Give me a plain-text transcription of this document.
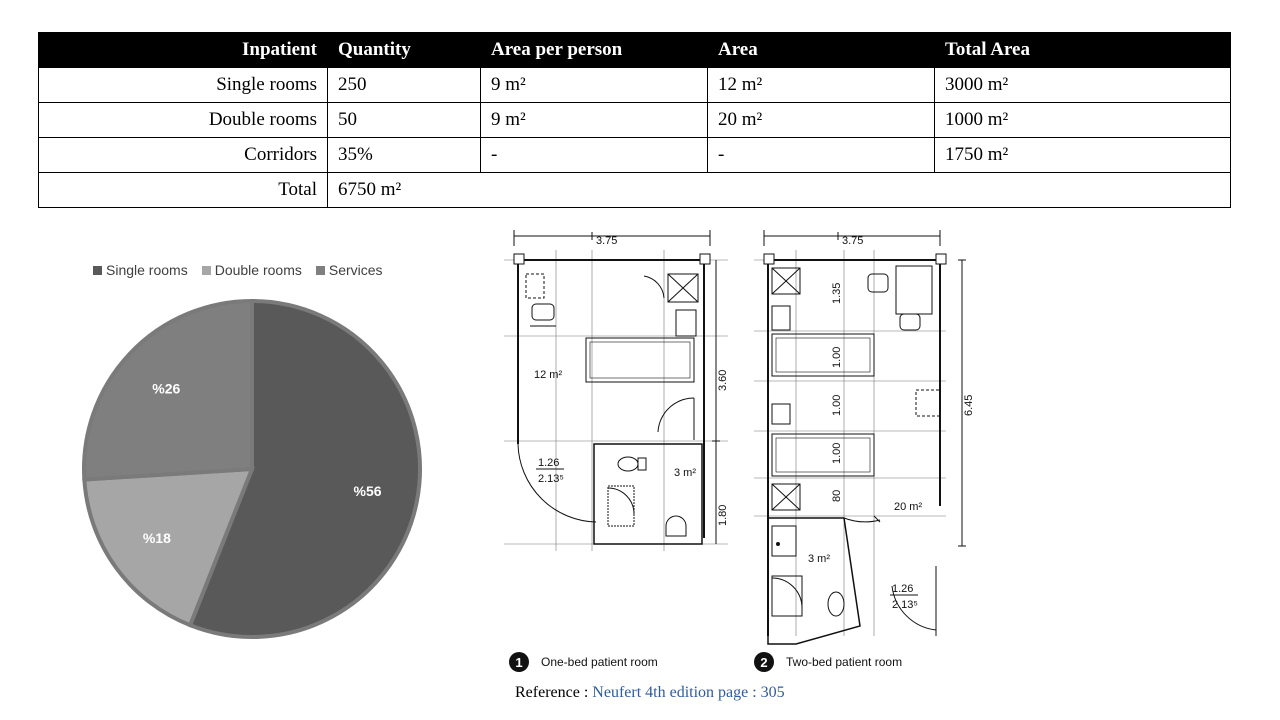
Inpatient	Quantity	Area per person	Area	Total Area
Single rooms	250	9 m²	12 m²	3000 m²
Double rooms	50	9 m²	20 m²	1000 m²
Corridors	35%	-	-	1750 m²
Total	6750 m²			
%56
%18
%26
Single rooms Double rooms Services
3.75
12 m²
3 m²
1.26
2.13⁵
3.60
1.80
3.75
20 m²
3 m²
1.26
2.13⁵
1.35
1.00
1.00
1.00
80
6.45
1 One-bed patient room	2 Two-bed patient room
Reference : Neufert 4th edition page : 305
